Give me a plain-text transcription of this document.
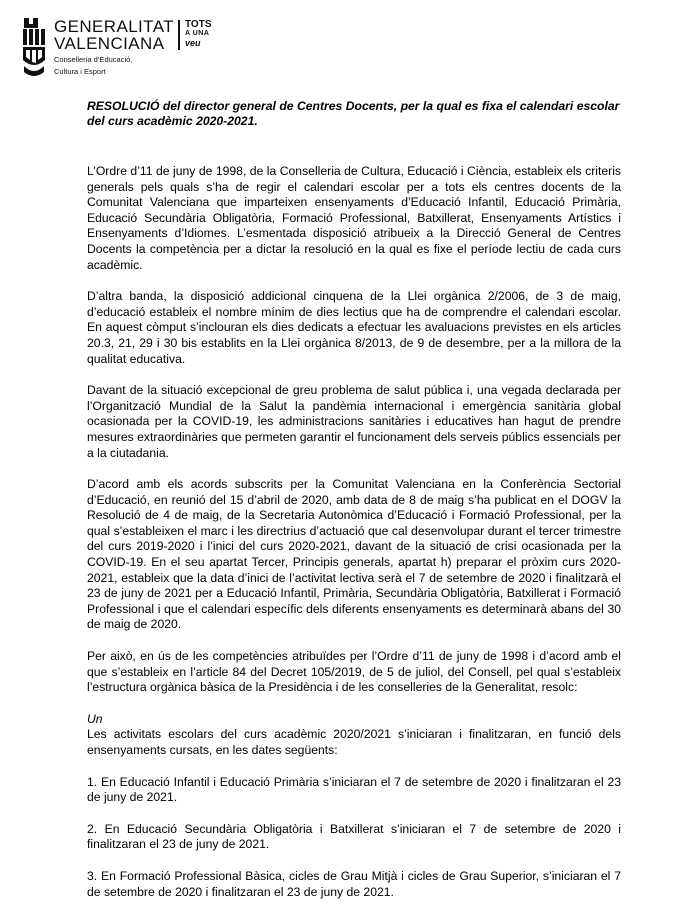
GENERALITAT
VALENCIANA
Conselleria d’Educació,
Cultura i Esport
TOTS
A UNA
veu

RESOLUCIÓ del director general de Centres Docents, per la qual es fixa el calendari escolar del curs acadèmic 2020-2021.

L’Ordre d’11 de juny de 1998, de la Conselleria de Cultura, Educació i Ciència, estableix els criteris generals pels quals s’ha de regir el calendari escolar per a tots els centres docents de la Comunitat Valenciana que imparteixen ensenyaments d’Educació Infantil, Educació Primària, Educació Secundària Obligatòria, Formació Professional, Batxillerat, Ensenyaments Artístics i Ensenyaments d’Idiomes. L’esmentada disposició atribueix a la Direcció General de Centres Docents la competència per a dictar la resolució en la qual es fixe el període lectiu de cada curs acadèmic.

D’altra banda, la disposició addicional cinquena de la Llei orgànica 2/2006, de 3 de maig, d’educació estableix el nombre mínim de dies lectius que ha de comprendre el calendari escolar. En aquest còmput s’inclouran els dies dedicats a efectuar les avaluacions previstes en els articles 20.3, 21, 29 i 30 bis establits en la Llei orgànica 8/2013, de 9 de desembre, per a la millora de la qualitat educativa.

Davant de la situació excepcional de greu problema de salut pública i, una vegada declarada per l’Organització Mundial de la Salut la pandèmia internacional i emergència sanitària global ocasionada per la COVID-19, les administracions sanitàries i educatives han hagut de prendre mesures extraordinàries que permeten garantir el funcionament dels serveis públics essencials per a la ciutadania.

D’acord amb els acords subscrits per la Comunitat Valenciana en la Conferència Sectorial d’Educació, en reunió del 15 d’abril de 2020, amb data de 8 de maig s’ha publicat en el DOGV la Resolució de 4 de maig, de la Secretaria Autonòmica d’Educació i Formació Professional, per la qual s’estableixen el marc i les directrius d’actuació que cal desenvolupar durant el tercer trimestre del curs 2019-2020 i l’inici del curs 2020-2021, davant de la situació de crisi ocasionada per la COVID-19. En el seu apartat Tercer, Principis generals, apartat h) preparar el pròxim curs 2020-2021, estableix que la data d’inici de l’activitat lectiva serà el 7 de setembre de 2020 i finalitzarà el 23 de juny de 2021 per a Educació Infantil, Primària, Secundària Obligatòria, Batxillerat i Formació Professional i que el calendari específic dels diferents ensenyaments es determinarà abans del 30 de maig de 2020.

Per això, en ús de les competències atribuïdes per l’Ordre d’11 de juny de 1998 i d’acord amb el que s’estableix en l’article 84 del Decret 105/2019, de 5 de juliol, del Consell, pel qual s’estableix l’estructura orgànica bàsica de la Presidència i de les conselleries de la Generalitat, resolc:

Un

Les activitats escolars del curs acadèmic 2020/2021 s’iniciaran i finalitzaran, en funció dels ensenyaments cursats, en les dates següents:

1. En Educació Infantil i Educació Primària s’iniciaran el 7 de setembre de 2020 i finalitzaran el 23 de juny de 2021.

2. En Educació Secundària Obligatòria i Batxillerat s’iniciaran el 7 de setembre de 2020 i finalitzaran el 23 de juny de 2021.

3. En Formació Professional Bàsica, cicles de Grau Mitjà i cicles de Grau Superior, s’iniciaran el 7 de setembre de 2020 i finalitzaran el 23 de juny de 2021.
